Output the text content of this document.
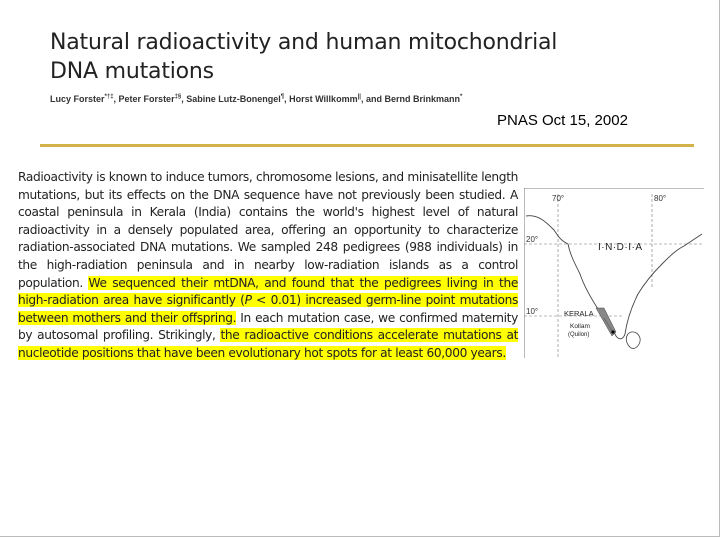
Natural radioactivity and human mitochondrial
DNA mutations
Lucy Forster*†‡, Peter Forster‡§, Sabine Lutz-Bonengel¶, Horst Willkomm||, and Bernd Brinkmann*
PNAS Oct 15, 2002

Radioactivity is known to induce tumors, chromosome lesions, and minisatellite length mutations, but its effects on the DNA sequence have not previously been studied. A coastal peninsula in Kerala (India) contains the world's highest level of natural radioactivity in a densely populated area, offering an opportunity to characterize radiation-associated DNA mutations. We sampled 248 pedigrees (988 individuals) in the high-radiation peninsula and in nearby low-radiation islands as a control population. We sequenced their mtDNA, and found that the pedigrees living in the high-radiation area have significantly (P < 0.01) increased germ-line point mutations between mothers and their offspring. In each mutation case, we confirmed maternity by autosomal profiling. Strikingly, the radioactive conditions accelerate mutations at nucleotide positions that have been evolutionary hot spots for at least 60,000 years.

70°	80°
20°
10°
I·N·D·I·A
KERALA
Kollam
(Quilon)
